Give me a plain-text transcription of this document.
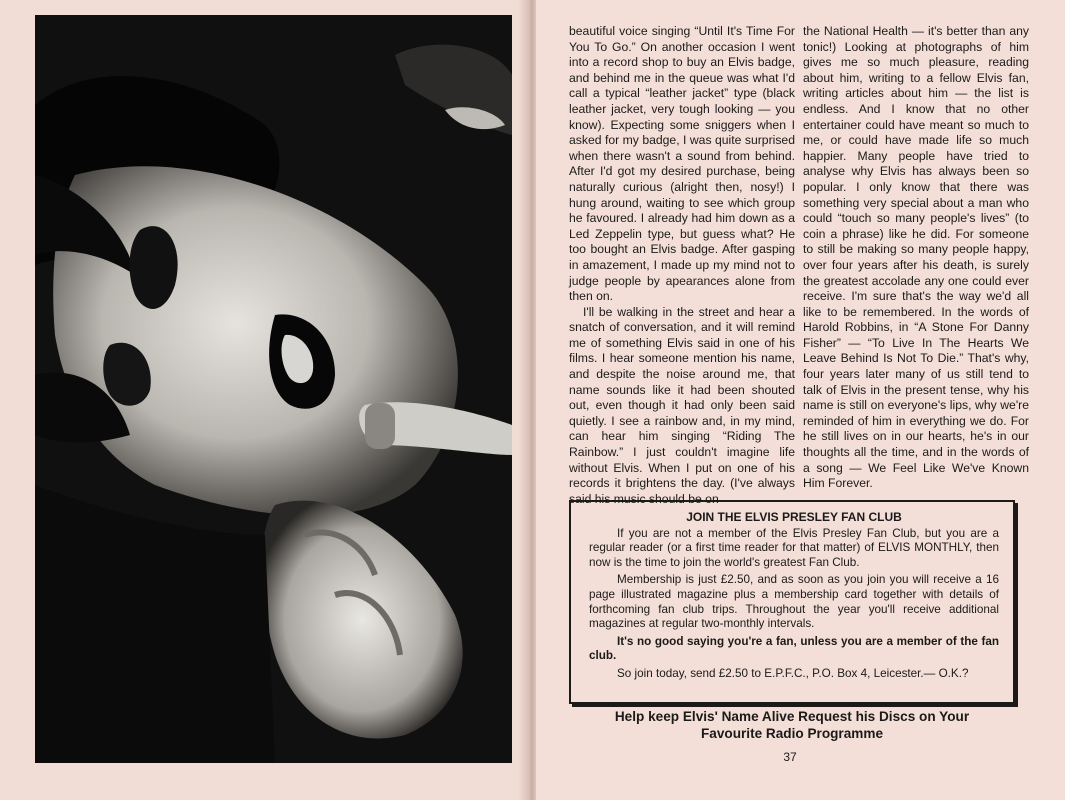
beautiful voice singing “Until It's Time For You To Go.” On another occasion I went into a record shop to buy an Elvis badge, and behind me in the queue was what I'd call a typical “leather jacket” type (black leather jacket, very tough looking — you know). Expecting some sniggers when I asked for my badge, I was quite surprised when there wasn't a sound from behind. After I'd got my desired purchase, being naturally curious (alright then, nosy!) I hung around, waiting to see which group he favoured. I already had him down as a Led Zeppelin type, but guess what? He too bought an Elvis badge. After gasping in amazement, I made up my mind not to judge people by apearances alone from then on.

I'll be walking in the street and hear a snatch of conversation, and it will remind me of something Elvis said in one of his films. I hear someone mention his name, and despite the noise around me, that name sounds like it had been shouted out, even though it had only been said quietly. I see a rainbow and, in my mind, can hear him singing “Riding The Rainbow.” I just couldn't imagine life without Elvis. When I put on one of his records it brightens the day. (I've always said his music should be on

the National Health — it's better than any tonic!) Looking at photographs of him gives me so much pleasure, reading about him, writing to a fellow Elvis fan, writing articles about him — the list is endless. And I know that no other entertainer could have meant so much to me, or could have made life so much happier. Many people have tried to analyse why Elvis has always been so popular. I only know that there was something very special about a man who could “touch so many people's lives” (to coin a phrase) like he did. For someone to still be making so many people happy, over four years after his death, is surely the greatest accolade any one could ever receive. I'm sure that's the way we'd all like to be remembered. In the words of Harold Robbins, in “A Stone For Danny Fisher” — “To Live In The Hearts We Leave Behind Is Not To Die.” That's why, four years later many of us still tend to talk of Elvis in the present tense, why his name is still on everyone's lips, why we're reminded of him in everything we do. For he still lives on in our hearts, he's in our thoughts all the time, and in the words of a song — We Feel Like We've Known Him Forever.

JOIN THE ELVIS PRESLEY FAN CLUB

If you are not a member of the Elvis Presley Fan Club, but you are a regular reader (or a first time reader for that matter) of ELVIS MONTHLY, then now is the time to join the world's greatest Fan Club.

Membership is just £2.50, and as soon as you join you will receive a 16 page illustrated magazine plus a membership card together with details of forthcoming fan club trips. Throughout the year you'll receive additional magazines at regular two-monthly intervals.

It's no good saying you're a fan, unless you are a member of the fan club.

So join today, send £2.50 to E.P.F.C., P.O. Box 4, Leicester.— O.K.?

Help keep Elvis' Name Alive Request his Discs on Your
Favourite Radio Programme
37
